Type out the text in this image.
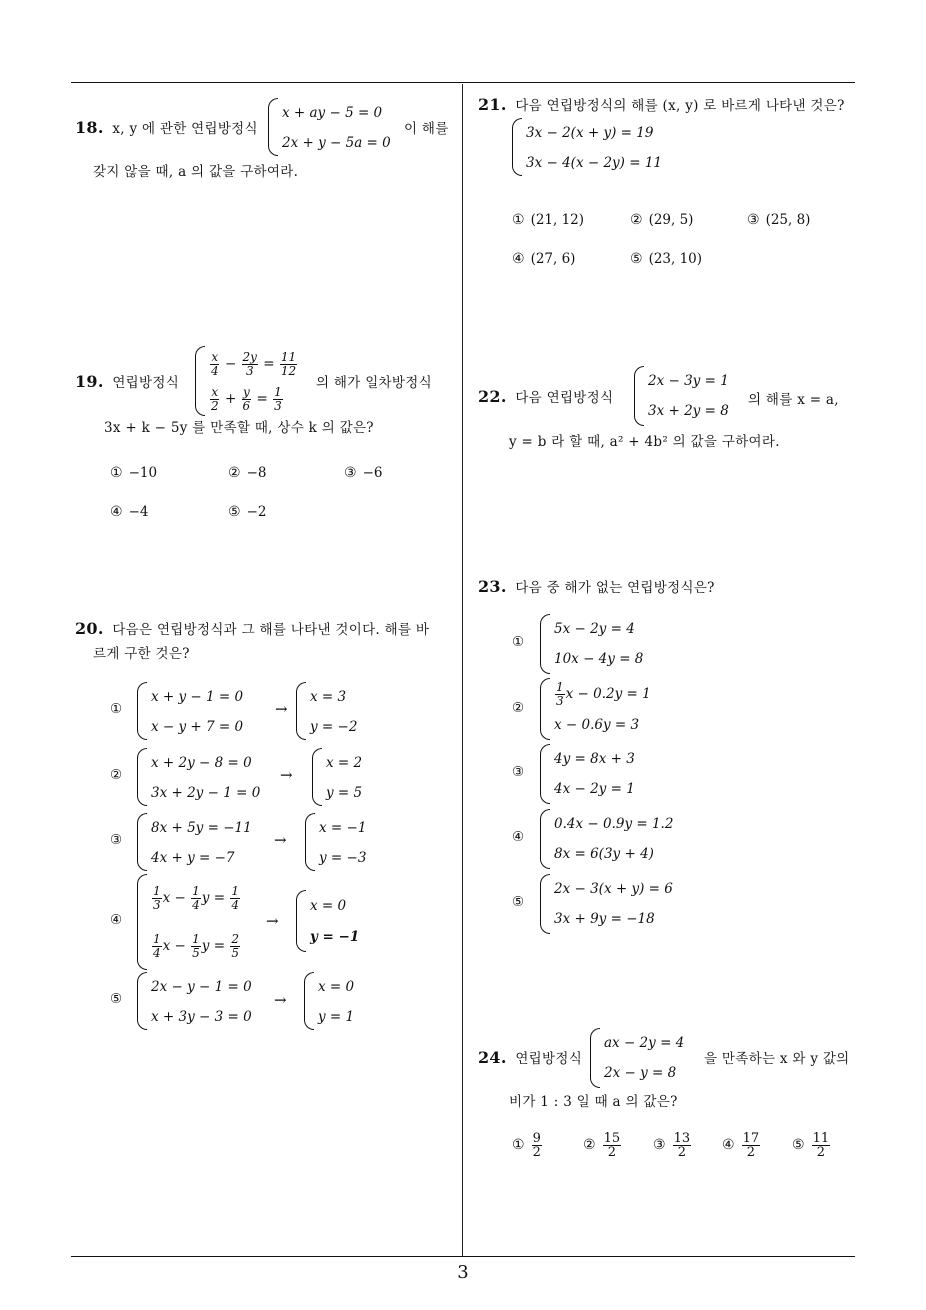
18. x, y 에 관한 연립방정식
x + ay − 5 = 0
2x + y − 5a = 0
이 해를
갖지 않을 때, a 의 값을 구하여라.
19. 연립방정식
$\frac{x}{4} - \frac{2y}{3} = \frac{11}{12}$
$\frac{x}{2} + \frac{y}{6} = \frac{1}{3}$
의 해가 일차방정식
3x + k − 5y 를 만족할 때, 상수 k 의 값은?
① −10	② −8	③ −6
④ −4	⑤ −2
20. 다음은 연립방정식과 그 해를 나타낸 것이다. 해를 바
르게 구한 것은?
①
x + y − 1 = 0
x − y + 7 = 0
→
x = 3
y = −2
②
x + 2y − 8 = 0
3x + 2y − 1 = 0
→
x = 2
y = 5
③
8x + 5y = −11
4x + y = −7
→
x = −1
y = −3
④
$\frac{1}{3}$ $x - \frac{1}{4}$ $y = \frac{1}{4}$
$\frac{1}{4}$ $x - \frac{1}{5}$ $y = \frac{2}{5}$
→
x = 0
y = −1
⑤
2x − y − 1 = 0
x + 3y − 3 = 0
→
x = 0
y = 1
21. 다음 연립방정식의 해를 (x, y) 로 바르게 나타낸 것은?
3x − 2(x + y) = 19
3x − 4(x − 2y) = 11
① (21, 12)	② (29, 5)	③ (25, 8)
④ (27, 6)	⑤ (23, 10)
22. 다음 연립방정식
2x − 3y = 1
3x + 2y = 8
의 해를 x = a,
y = b 라 할 때, a² + 4b² 의 값을 구하여라.
23. 다음 중 해가 없는 연립방정식은?
①
5x − 2y = 4
10x − 4y = 8
②
$\frac{1}{3}$ x − 0.2y = 1
x − 0.6y = 3
③
4y = 8x + 3
4x − 2y = 1
④
0.4x − 0.9y = 1.2
8x = 6(3y + 4)
⑤
2x − 3(x + y) = 6
3x + 9y = −18
24. 연립방정식
ax − 2y = 4
2x − y = 8
을 만족하는 x 와 y 값의
비가 1 : 3 일 때 a 의 값은?
① $\frac{9}{2}$	② $\frac{15}{2}$ ③ $\frac{13}{2}$ ④ $\frac{17}{2}$ ⑤ $\frac{11}{2}$
3
